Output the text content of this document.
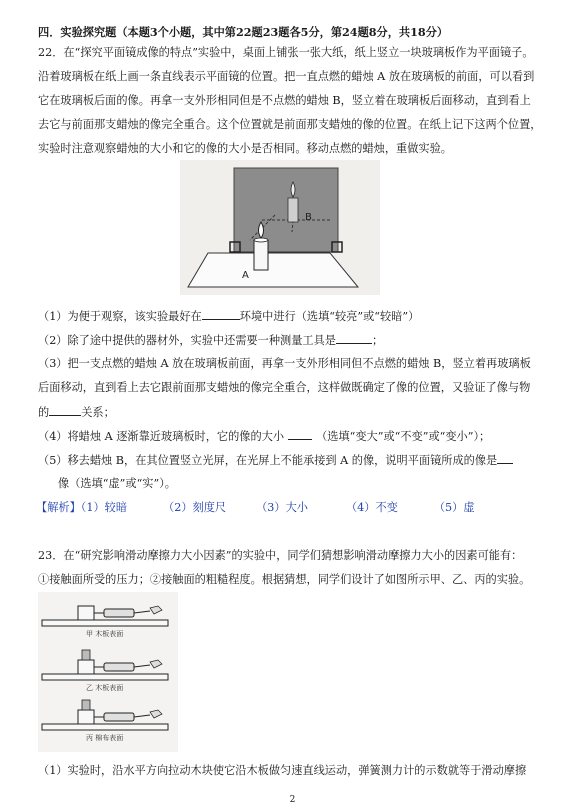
四．实验探究题（本题3个小题，其中第22题23题各5分，第24题8分，共18分）
22．在“探究平面镜成像的特点”实验中，桌面上铺张一张大纸，纸上竖立一块玻璃板作为平面镜子。
沿着玻璃板在纸上画一条直线表示平面镜的位置。把一直点燃的蜡烛 A 放在玻璃板的前面，可以看到
它在玻璃板后面的像。再拿一支外形相同但是不点燃的蜡烛 B，竖立着在玻璃板后面移动，直到看上
去它与前面那支蜡烛的像完全重合。这个位置就是前面那支蜡烛的像的位置。在纸上记下这两个位置，
实验时注意观察蜡烛的大小和它的像的大小是否相同。移动点燃的蜡烛，重做实验。
B
A
（1）为便于观察，该实验最好在	环境中进行（选填“较亮”或“较暗”）
（2）除了途中提供的器材外，实验中还需要一种测量工具是	；
（3）把一支点燃的蜡烛 A 放在玻璃板前面，再拿一支外形相同但不点燃的蜡烛 B，竖立着再玻璃板
后面移动，直到看上去它跟前面那支蜡烛的像完全重合，这样做既确定了像的位置，又验证了像与物
的	关系；
（4）将蜡烛 A 逐渐靠近玻璃板时，它的像的大小	（选填“变大”或“不变”或“变小”）；
（5）移去蜡烛 B，在其位置竖立光屏，在光屏上不能承接到 A 的像，说明平面镜所成的像是
像（选填“虚”或“实”）。
【解析】（1）较暗	（2）刻度尺	（3）大小	（4）不变	（5）虚
23．在“研究影响滑动摩擦力大小因素”的实验中，同学们猜想影响滑动摩擦力大小的因素可能有：
①接触面所受的压力；②接触面的粗糙程度。根据猜想，同学们设计了如图所示甲、乙、丙的实验。
甲 木板表面
乙 木板表面
丙 棉布表面
（1）实验时，沿水平方向拉动木块使它沿木板做匀速直线运动，弹簧测力计的示数就等于滑动摩擦
2
